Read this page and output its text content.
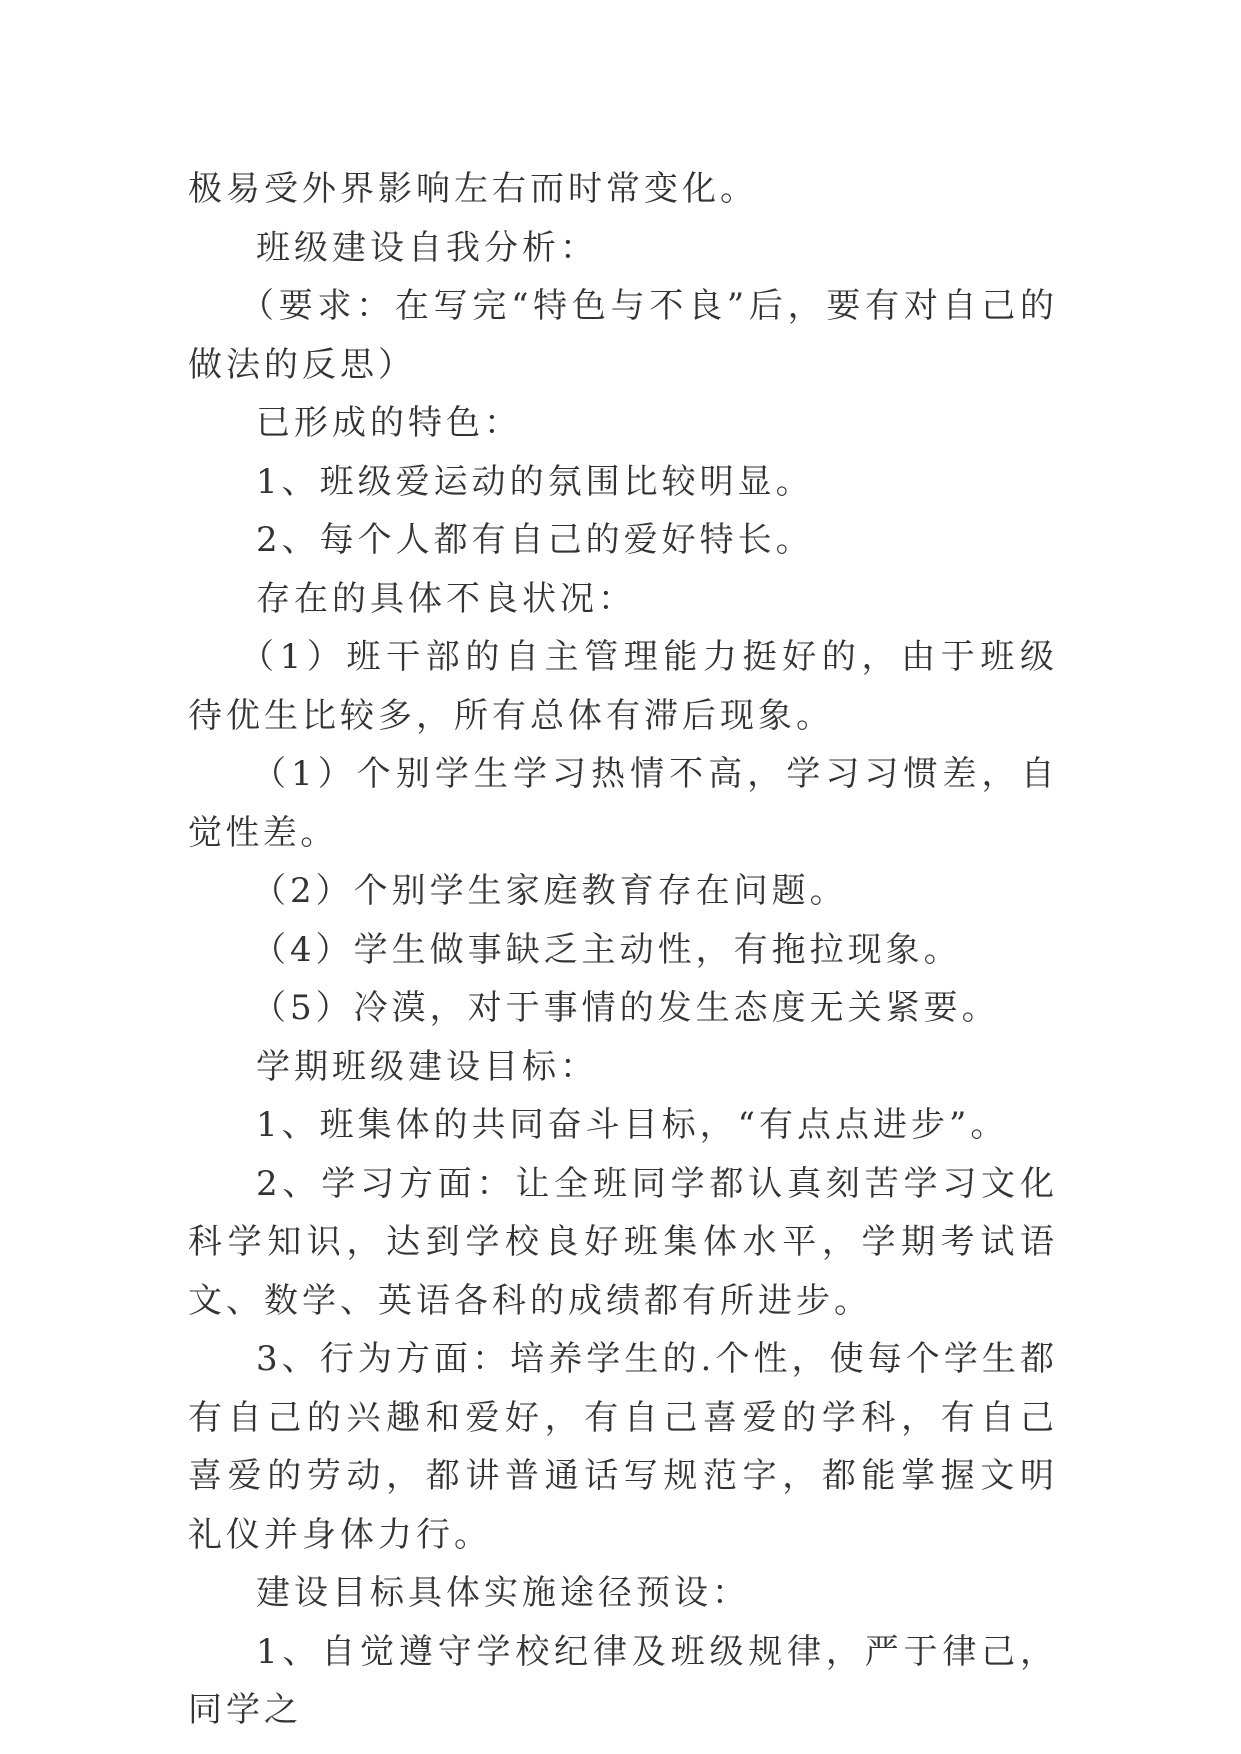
极易受外界影响左右而时常变化。

班级建设自我分析：

（要求：在写完“特色与不良”后，要有对自己的做法的反思）

已形成的特色：

1、班级爱运动的氛围比较明显。

2、每个人都有自己的爱好特长。

存在的具体不良状况：

（1）班干部的自主管理能力挺好的，由于班级待优生比较多，所有总体有滞后现象。

（1）个别学生学习热情不高，学习习惯差，自觉性差。

（2）个别学生家庭教育存在问题。

（4）学生做事缺乏主动性，有拖拉现象。

（5）冷漠，对于事情的发生态度无关紧要。

学期班级建设目标：

1、班集体的共同奋斗目标，“有点点进步”。

2、学习方面：让全班同学都认真刻苦学习文化科学知识，达到学校良好班集体水平，学期考试语文、数学、英语各科的成绩都有所进步。

3、行为方面：培养学生的.个性，使每个学生都有自己的兴趣和爱好，有自己喜爱的学科，有自己喜爱的劳动，都讲普通话写规范字，都能掌握文明礼仪并身体力行。

建设目标具体实施途径预设：

1、自觉遵守学校纪律及班级规律，严于律己，同学之
